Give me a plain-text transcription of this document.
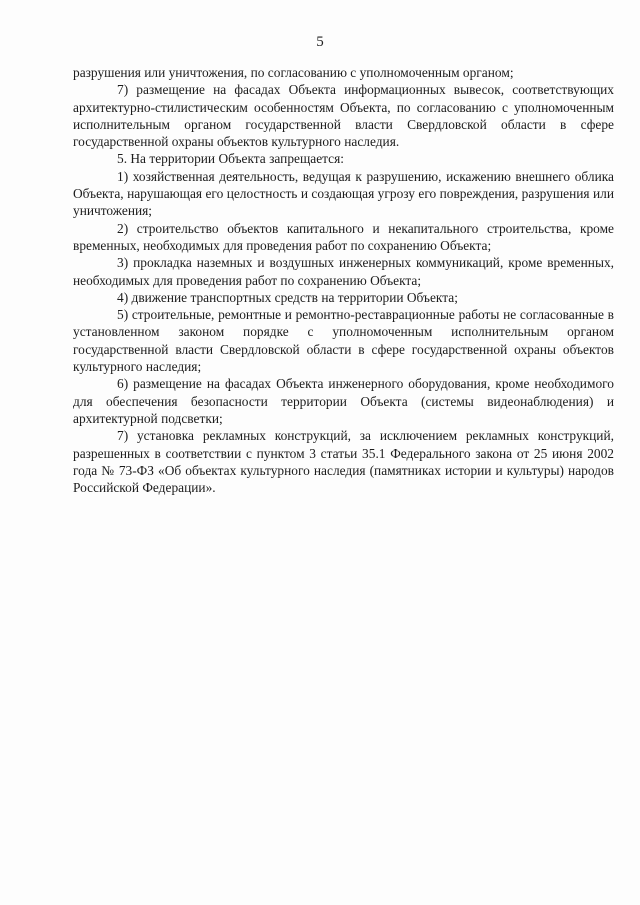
5

разрушения или уничтожения, по согласованию с уполномоченным органом;

7) размещение на фасадах Объекта информационных вывесок, соответствующих архитектурно-стилистическим особенностям Объекта, по согласованию с уполномоченным исполнительным органом государственной власти Свердловской области в сфере государственной охраны объектов культурного наследия.

5. На территории Объекта запрещается:

1) хозяйственная деятельность, ведущая к разрушению, искажению внешнего облика Объекта, нарушающая его целостность и создающая угрозу его повреждения, разрушения или уничтожения;

2) строительство объектов капитального и некапитального строительства, кроме временных, необходимых для проведения работ по сохранению Объекта;

3) прокладка наземных и воздушных инженерных коммуникаций, кроме временных, необходимых для проведения работ по сохранению Объекта;

4) движение транспортных средств на территории Объекта;

5) строительные, ремонтные и ремонтно-реставрационные работы не согласованные в установленном законом порядке с уполномоченным исполнительным органом государственной власти Свердловской области в сфере государственной охраны объектов культурного наследия;

6) размещение на фасадах Объекта инженерного оборудования, кроме необходимого для обеспечения безопасности территории Объекта (системы видеонаблюдения) и архитектурной подсветки;

7) установка рекламных конструкций, за исключением рекламных конструкций, разрешенных в соответствии с пунктом 3 статьи 35.1 Федерального закона от 25 июня 2002 года № 73-ФЗ «Об объектах культурного наследия (памятниках истории и культуры) народов Российской Федерации».
